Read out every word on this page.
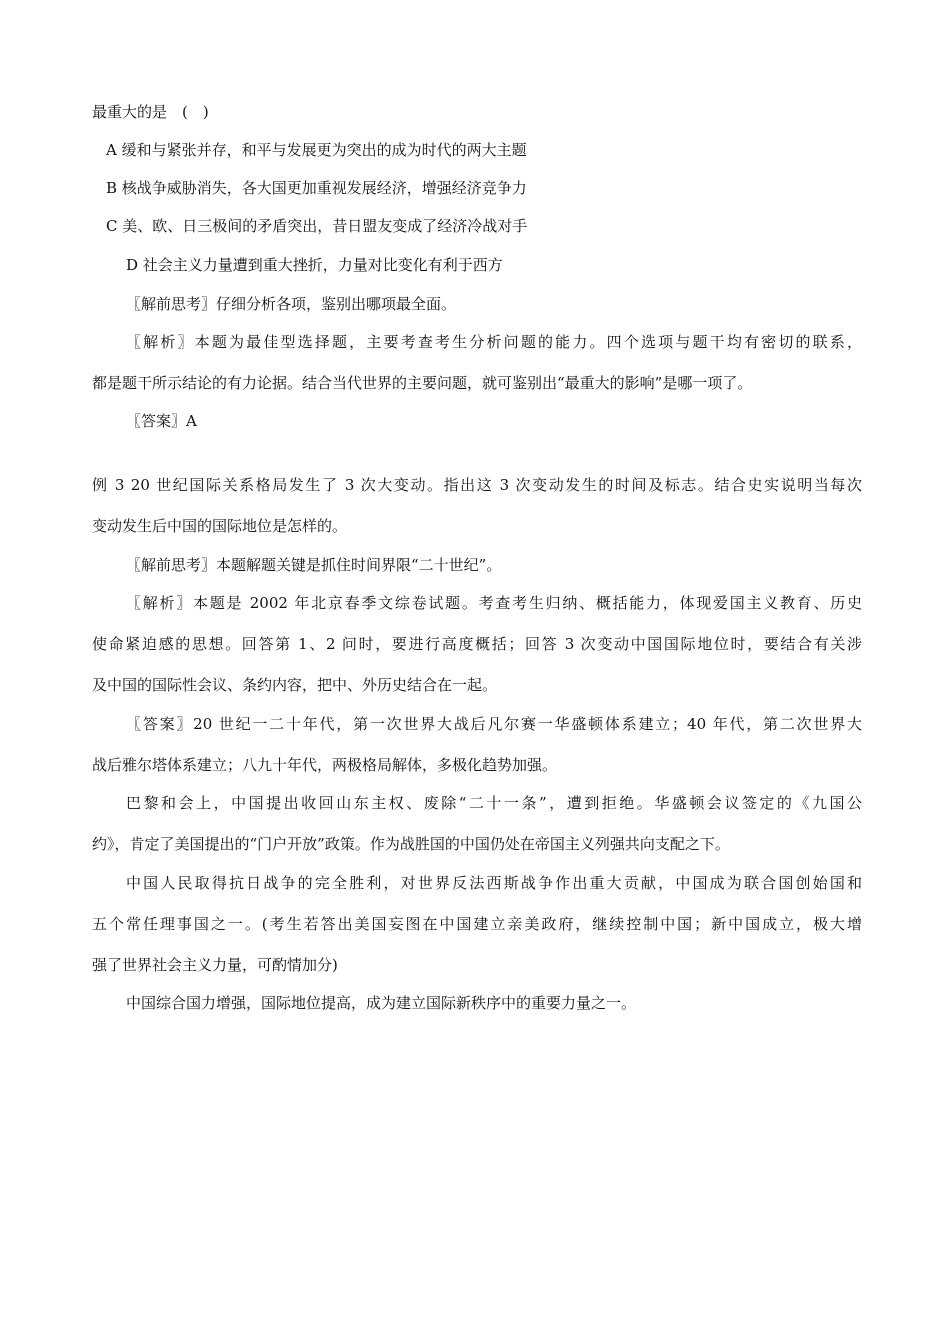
最重大的是　(　)
A 缓和与紧张并存，和平与发展更为突出的成为时代的两大主题
B 核战争威胁消失，各大国更加重视发展经济，增强经济竞争力
C 美、欧、日三极间的矛盾突出，昔日盟友变成了经济冷战对手
D 社会主义力量遭到重大挫折，力量对比变化有利于西方
〖解前思考〗仔细分析各项，鉴别出哪项最全面。
〖解析〗本题为最佳型选择题，主要考查考生分析问题的能力。四个选项与题干均有密切的联系，
都是题干所示结论的有力论据。结合当代世界的主要问题，就可鉴别出“最重大的影响”是哪一项了。
〖答案〗A
例 3 20 世纪国际关系格局发生了 3 次大变动。指出这 3 次变动发生的时间及标志。结合史实说明当每次
变动发生后中国的国际地位是怎样的。
〖解前思考〗本题解题关键是抓住时间界限“二十世纪”。
〖解析〗本题是 2002 年北京春季文综卷试题。考查考生归纳、概括能力，体现爱国主义教育、历史
使命紧迫感的思想。回答第 1、2 问时，要进行高度概括；回答 3 次变动中国国际地位时，要结合有关涉
及中国的国际性会议、条约内容，把中、外历史结合在一起。
〖答案〗20 世纪一二十年代，第一次世界大战后凡尔赛一华盛顿体系建立；40 年代，第二次世界大
战后雅尔塔体系建立；八九十年代，两极格局解体，多极化趋势加强。
巴黎和会上，中国提出收回山东主权、废除“二十一条”，遭到拒绝。华盛顿会议签定的《九国公
约》，肯定了美国提出的“门户开放”政策。作为战胜国的中国仍处在帝国主义列强共向支配之下。
中国人民取得抗日战争的完全胜利，对世界反法西斯战争作出重大贡献，中国成为联合国创始国和
五个常任理事国之一。(考生若答出美国妄图在中国建立亲美政府，继续控制中国；新中国成立，极大增
强了世界社会主义力量，可酌情加分)
中国综合国力增强，国际地位提高，成为建立国际新秩序中的重要力量之一。
